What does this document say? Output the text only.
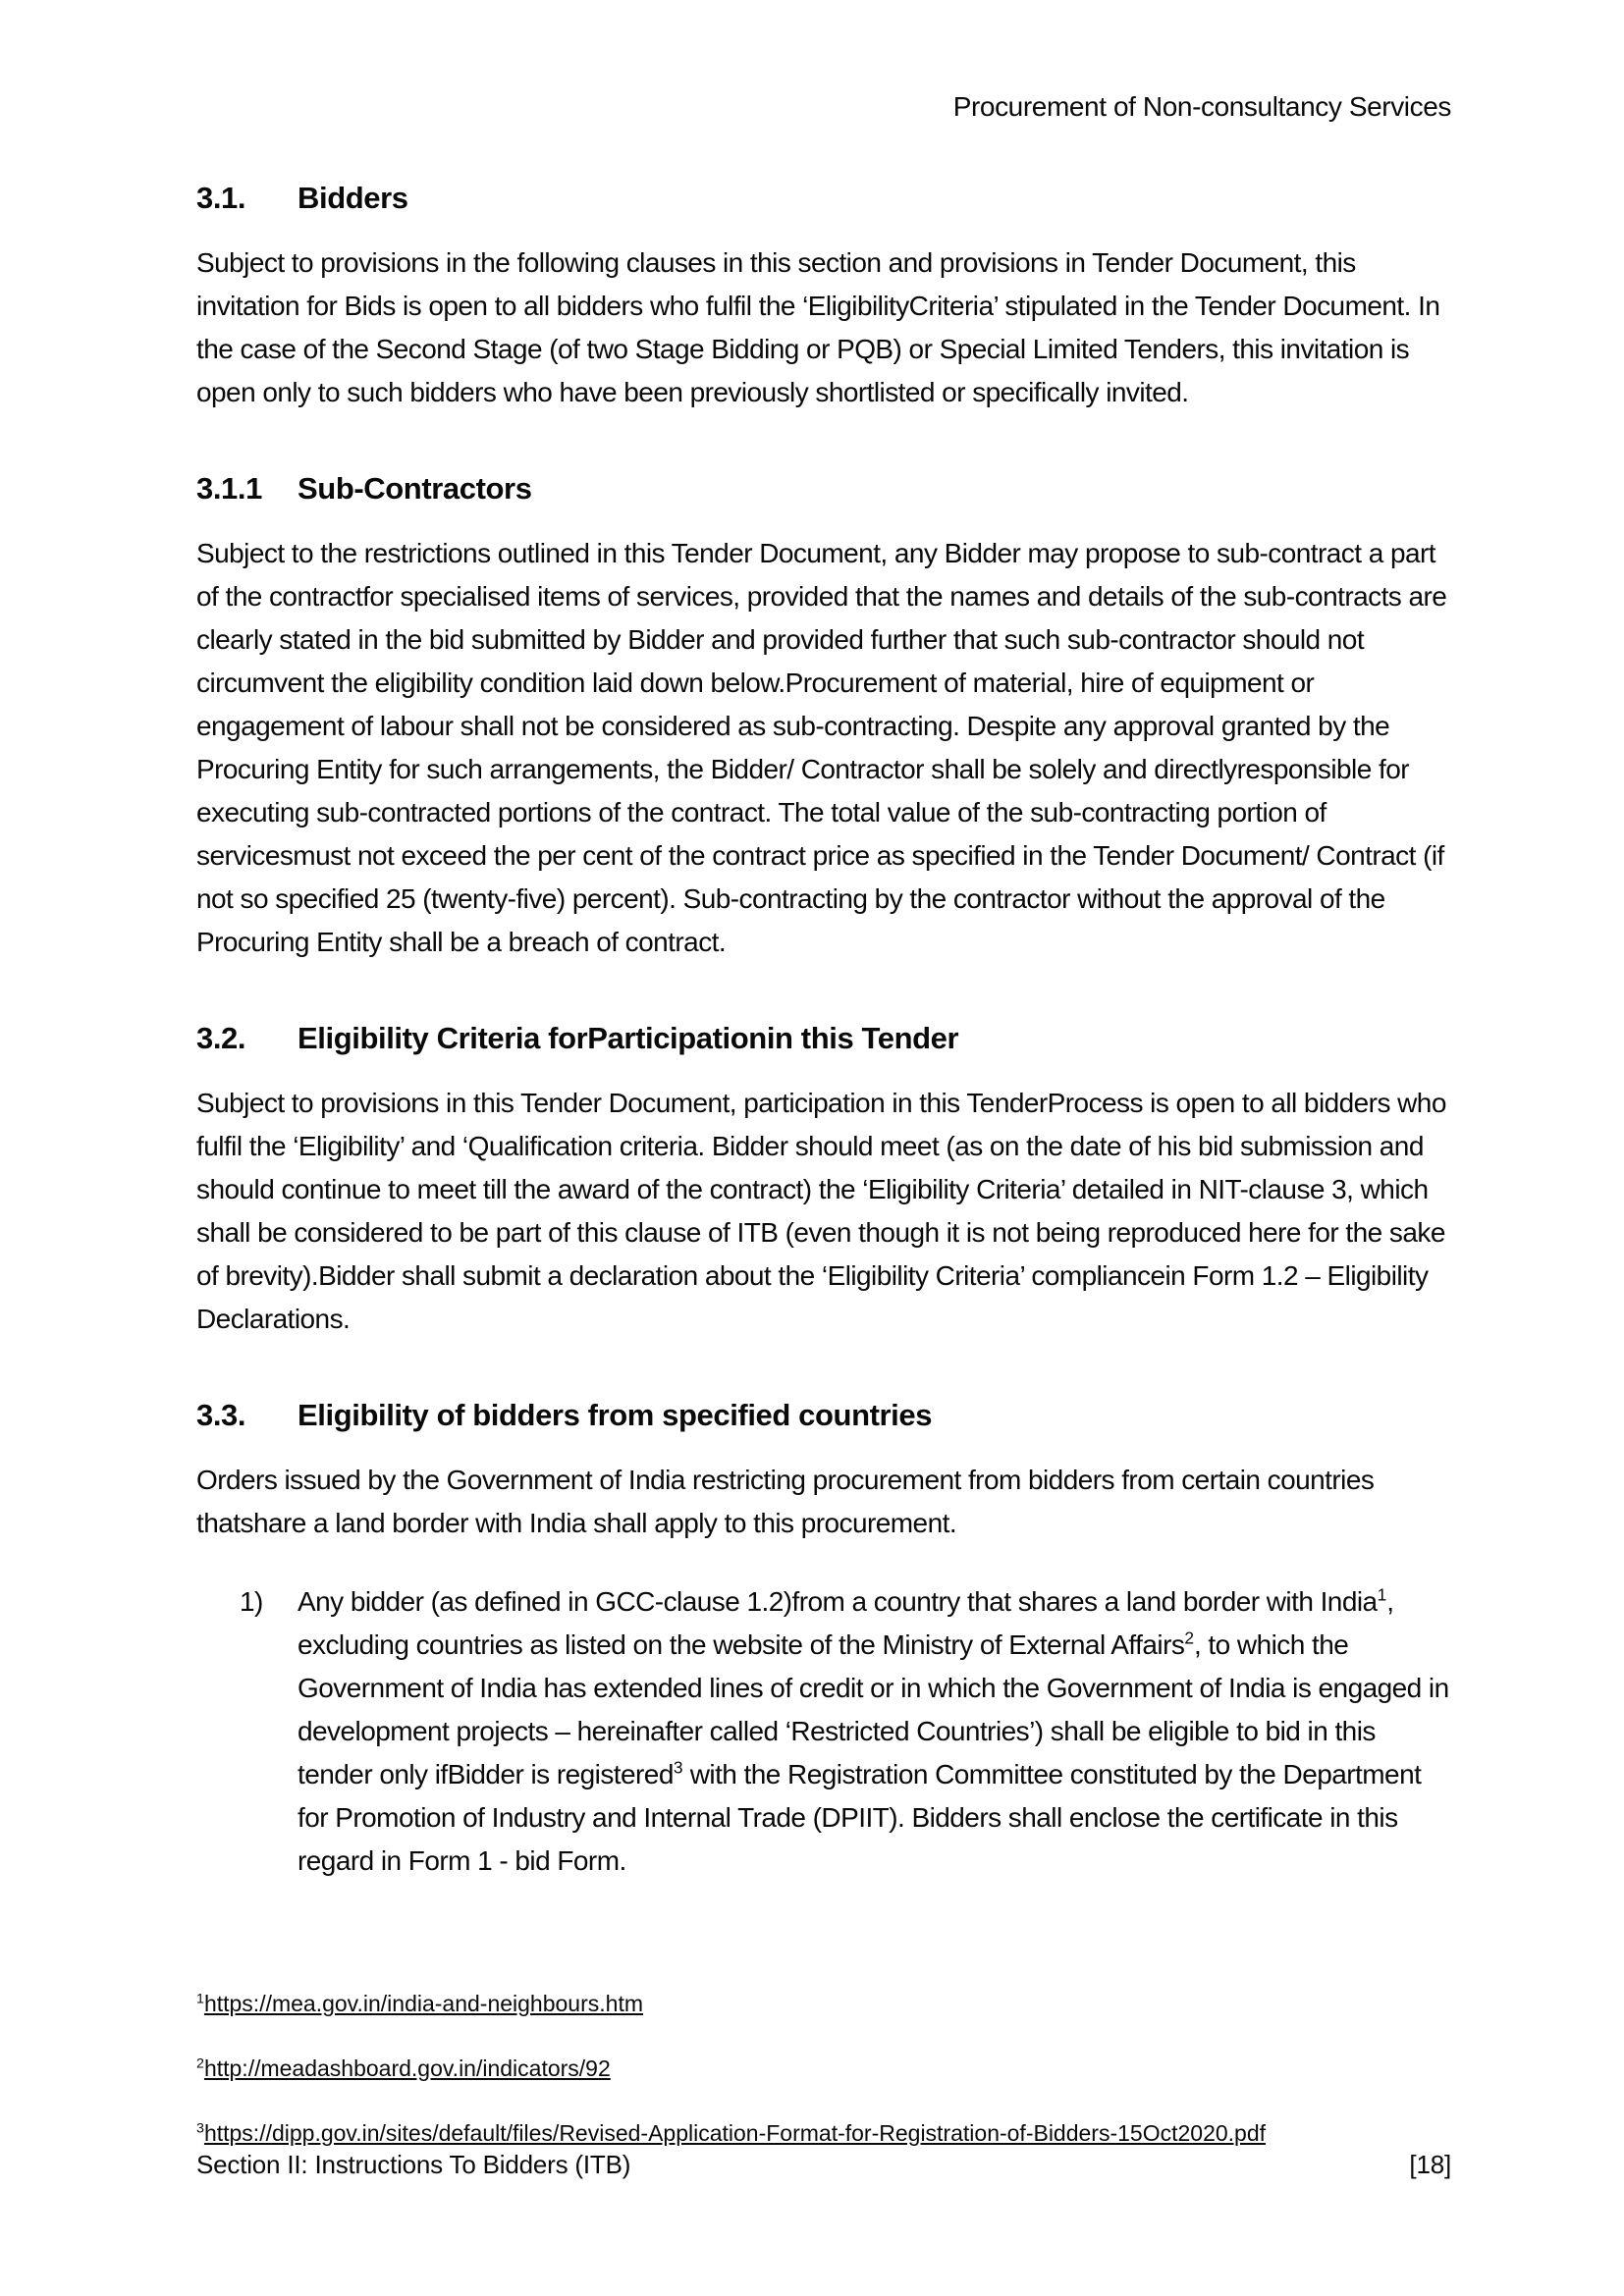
Procurement of Non-consultancy Services
3.1.	Bidders
Subject to provisions in the following clauses in this section and provisions in Tender Document, this invitation for Bids is open to all bidders who fulfil the ‘EligibilityCriteria’ stipulated in the Tender Document. In the case of the Second Stage (of two Stage Bidding or PQB) or Special Limited Tenders, this invitation is open only to such bidders who have been previously shortlisted or specifically invited.
3.1.1	Sub-Contractors
Subject to the restrictions outlined in this Tender Document, any Bidder may propose to sub-contract a part of the contractfor specialised items of services, provided that the names and details of the sub-contracts are clearly stated in the bid submitted by Bidder and provided further that such sub-contractor should not circumvent the eligibility condition laid down below.Procurement of material, hire of equipment or engagement of labour shall not be considered as sub-contracting. Despite any approval granted by the Procuring Entity for such arrangements, the Bidder/ Contractor shall be solely and directlyresponsible for executing sub-contracted portions of the contract. The total value of the sub-contracting portion of servicesmust not exceed the per cent of the contract price as specified in the Tender Document/ Contract (if not so specified 25 (twenty-five) percent). Sub-contracting by the contractor without the approval of the Procuring Entity shall be a breach of contract.
3.2.	Eligibility Criteria forParticipationin this Tender
Subject to provisions in this Tender Document, participation in this TenderProcess is open to all bidders who fulfil the ‘Eligibility’ and ‘Qualification criteria. Bidder should meet (as on the date of his bid submission and should continue to meet till the award of the contract) the ‘Eligibility Criteria’ detailed in NIT-clause 3, which shall be considered to be part of this clause of ITB (even though it is not being reproduced here for the sake of brevity).Bidder shall submit a declaration about the ‘Eligibility Criteria’ compliancein Form 1.2 – Eligibility Declarations.
3.3.	Eligibility of bidders from specified countries
Orders issued by the Government of India restricting procurement from bidders from certain countries thatshare a land border with India shall apply to this procurement.
1)	Any bidder (as defined in GCC-clause 1.2)from a country that shares a land border with India$^1$, excluding countries as listed on the website of the Ministry of External Affairs$^2$, to which the Government of India has extended lines of credit or in which the Government of India is engaged in development projects – hereinafter called ‘Restricted Countries’) shall be eligible to bid in this tender only ifBidder is registered$^3$ with the Registration Committee constituted by the Department for Promotion of Industry and Internal Trade (DPIIT). Bidders shall enclose the certificate in this regard in Form 1 - bid Form.
$^1$https://mea.gov.in/india-and-neighbours.htm
$^2$http://meadashboard.gov.in/indicators/92
$^3$https://dipp.gov.in/sites/default/files/Revised-Application-Format-for-Registration-of-Bidders-15Oct2020.pdf
Section II: Instructions To Bidders (ITB)	[18]
